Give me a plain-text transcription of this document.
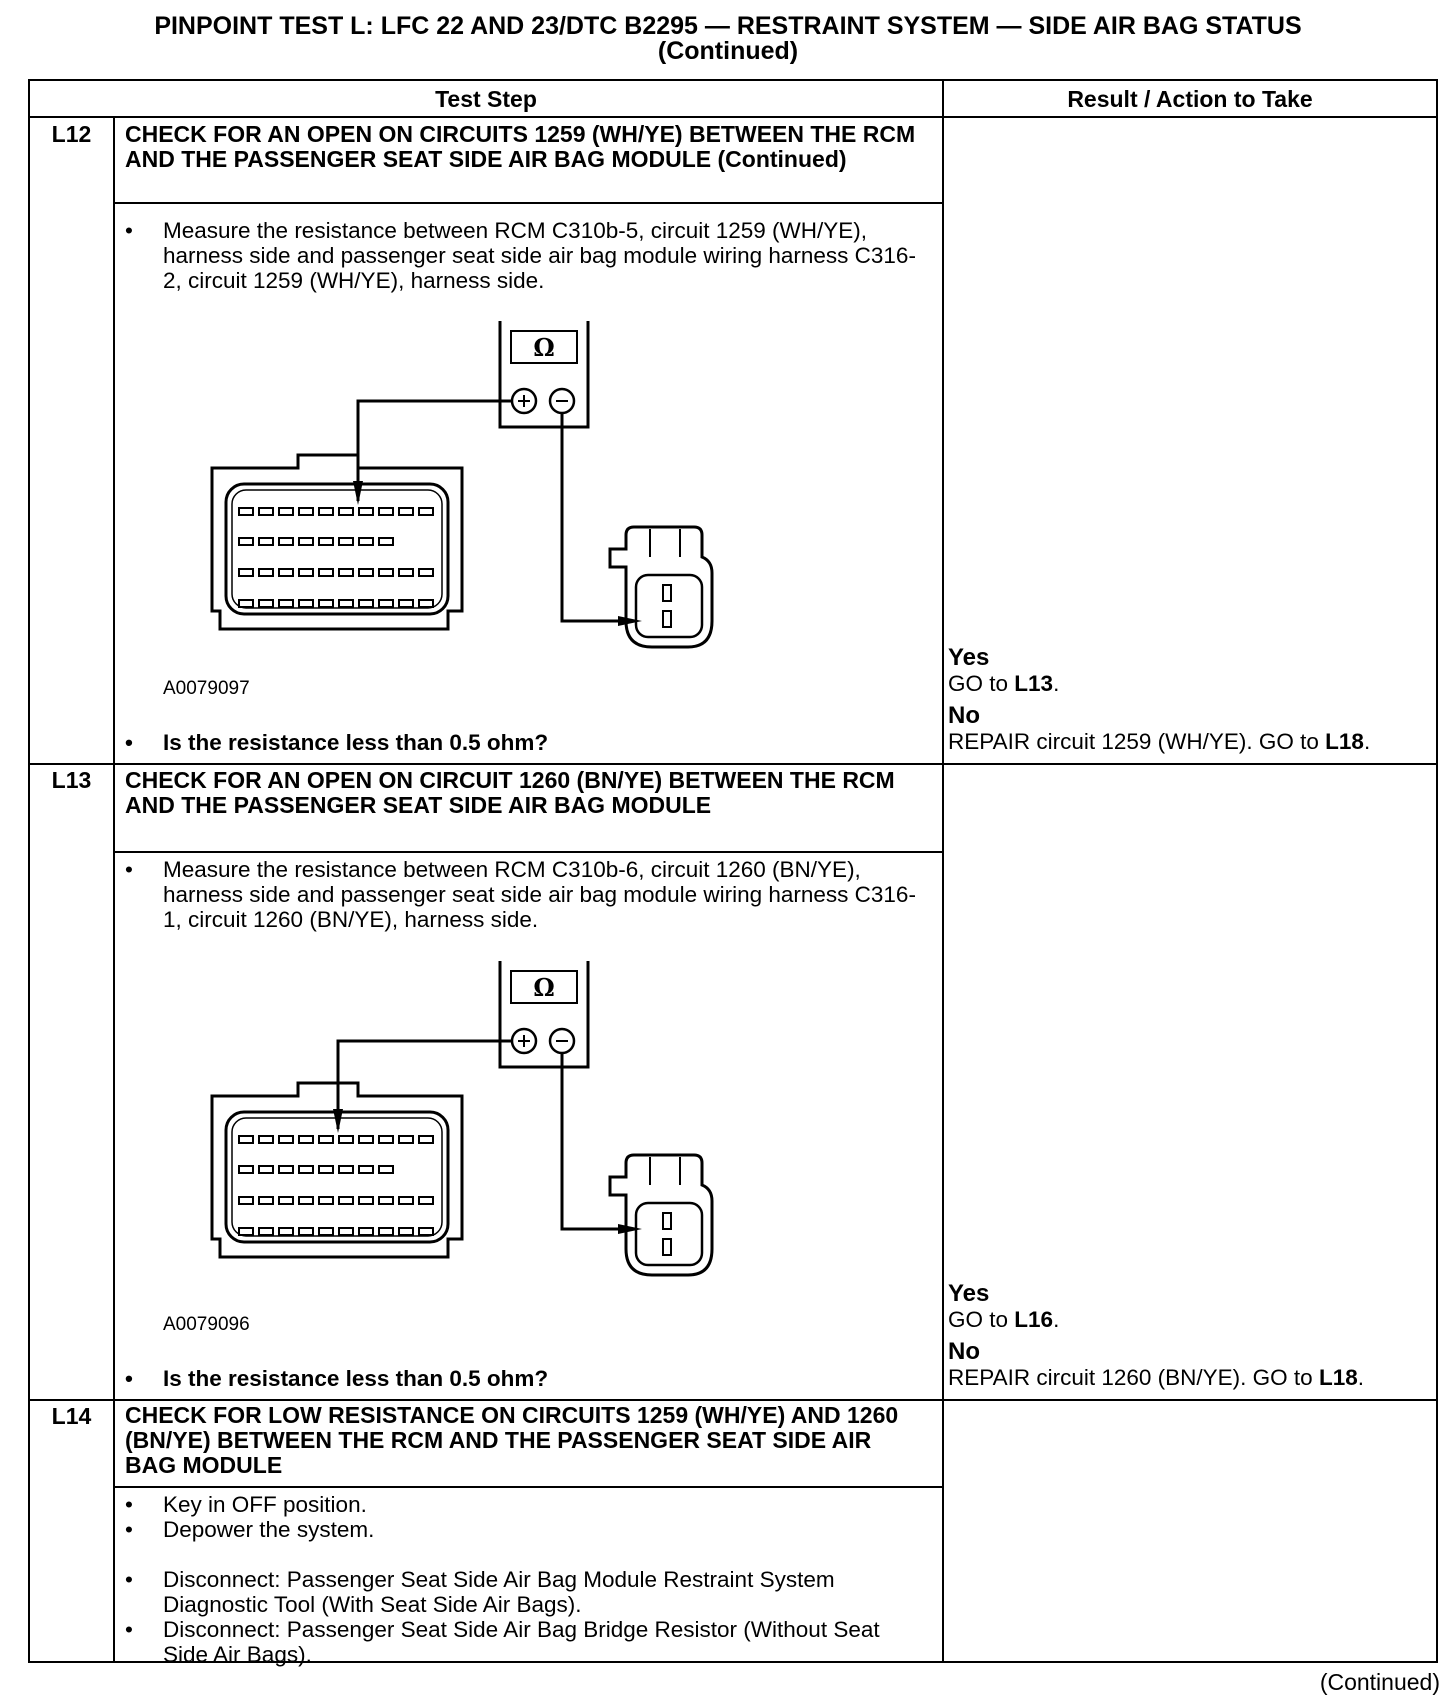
PINPOINT TEST L: LFC 22 AND 23/DTC B2295 — RESTRAINT SYSTEM — SIDE AIR BAG STATUS
(Continued)
Test Step	Result / Action to Take
L12	CHECK FOR AN OPEN ON CIRCUITS 1259 (WH/YE) BETWEEN THE RCM AND THE PASSENGER SEAT SIDE AIR BAG MODULE (Continued)
•	Measure the resistance between RCM C310b-5, circuit 1259 (WH/YE), harness side and passenger seat side air bag module wiring harness C316-2, circuit 1259 (WH/YE), harness side.
Ω
A0079097
•	Is the resistance less than 0.5 ohm?
Yes
GO to L13.
No
REPAIR circuit 1259 (WH/YE). GO to L18.
L13	CHECK FOR AN OPEN ON CIRCUIT 1260 (BN/YE) BETWEEN THE RCM AND THE PASSENGER SEAT SIDE AIR BAG MODULE
•	Measure the resistance between RCM C310b-6, circuit 1260 (BN/YE), harness side and passenger seat side air bag module wiring harness C316-1, circuit 1260 (BN/YE), harness side.
Ω
A0079096
•	Is the resistance less than 0.5 ohm?
Yes
GO to L16.
No
REPAIR circuit 1260 (BN/YE). GO to L18.
L14	CHECK FOR LOW RESISTANCE ON CIRCUITS 1259 (WH/YE) AND 1260 (BN/YE) BETWEEN THE RCM AND THE PASSENGER SEAT SIDE AIR BAG MODULE
•	Key in OFF position.
•	Depower the system.
•	Disconnect: Passenger Seat Side Air Bag Module Restraint System Diagnostic Tool (With Seat Side Air Bags).
•	Disconnect: Passenger Seat Side Air Bag Bridge Resistor (Without Seat Side Air Bags).
(Continued)
